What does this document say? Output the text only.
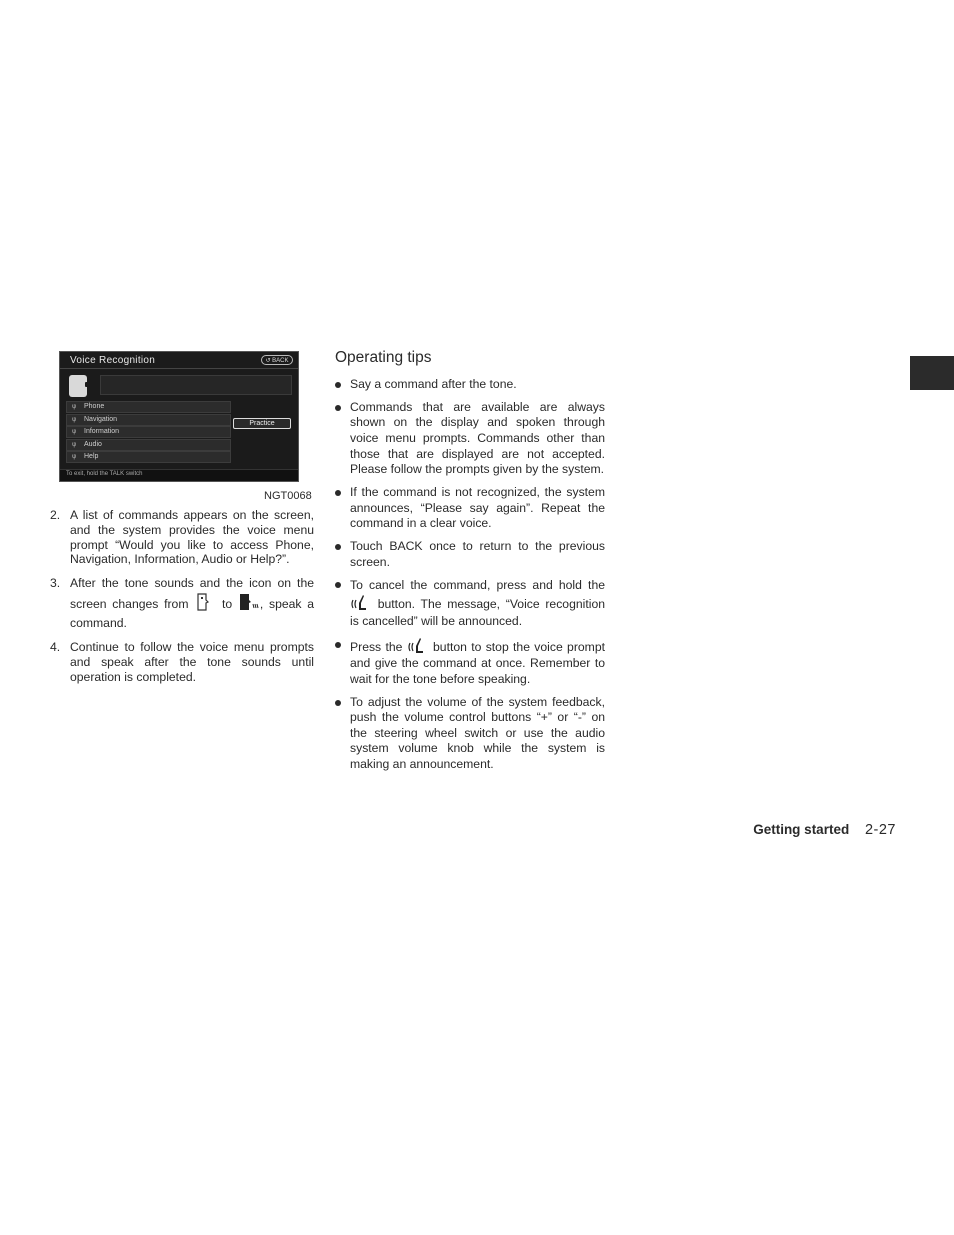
Voice Recognition	↺ BACK
ψ Phone
ψ Navigation
ψ Information
ψ Audio
ψ Help
Practice
To exit, hold the TALK switch
NGT0068
2. A list of commands appears on the screen, and the system provides the voice menu prompt “Would you like to access Phone, Navigation, Information, Audio or Help?”.
3. After the tone sounds and the icon on the screen changes from	to , speak a command.
4. Continue to follow the voice menu prompts and speak after the tone sounds until operation is completed.
Operating tips
Say a command after the tone.
Commands that are available are always shown on the display and spoken through voice menu prompts. Commands other than those that are displayed are not accepted. Please follow the prompts given by the system.
If the command is not recognized, the system announces, “Please say again”. Repeat the command in a clear voice.
Touch BACK once to return to the previous screen.
To cancel the command, press and hold the  button. The message, “Voice recognition is cancelled” will be announced.
Press the	button to stop the voice prompt and give the command at once. Remember to wait for the tone before speaking.
To adjust the volume of the system feedback, push the volume control buttons “+” or “-” on the steering wheel switch or use the audio system volume knob while the system is making an announcement.
Getting started 2-27
